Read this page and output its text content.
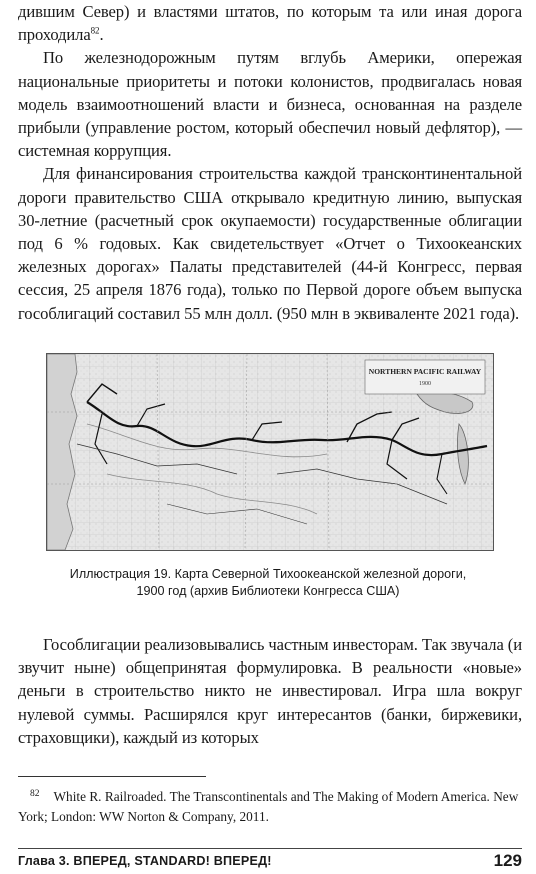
дившим Север) и властями штатов, по которым та или иная дорога проходила$^{82}$.

По железнодорожным путям вглубь Америки, опережая национальные приоритеты и потоки колонистов, продвигалась новая модель взаимоотношений власти и бизнеса, основанная на разделе прибыли (управление ростом, который обеспечил новый дефлятор), — системная коррупция.

Для финансирования строительства каждой трансконтинентальной дороги правительство США открывало кредитную линию, выпуская 30-летние (расчетный срок окупаемости) государственные облигации под 6 % годовых. Как свидетельствует «Отчет о Тихоокеанских железных дорогах» Палаты представителей (44-й Конгресс, первая сессия, 25 апреля 1876 года), только по Первой дороге объем выпуска гособлигаций составил 55 млн долл. (950 млн в эквиваленте 2021 года).

NORTHERN PACIFIC RAILWAY
1900
Иллюстрация 19. Карта Северной Тихоокеанской железной дороги,
1900 год (архив Библиотеки Конгресса США)

Гособлигации реализовывались частным инвесторам. Так звучала (и звучит ныне) общепринятая формулировка. В реальности «новые» деньги в строительство никто не инвестировал. Игра шла вокруг нулевой суммы. Расширялся круг интересантов (банки, биржевики, страховщики), каждый из которых

$^{82}$ White R. Railroaded. The Transcontinentals and The Making of Modern America. New York; London: WW Norton & Company, 2011.
Глава 3. ВПЕРЕД, STANDARD! ВПЕРЕД!	129
